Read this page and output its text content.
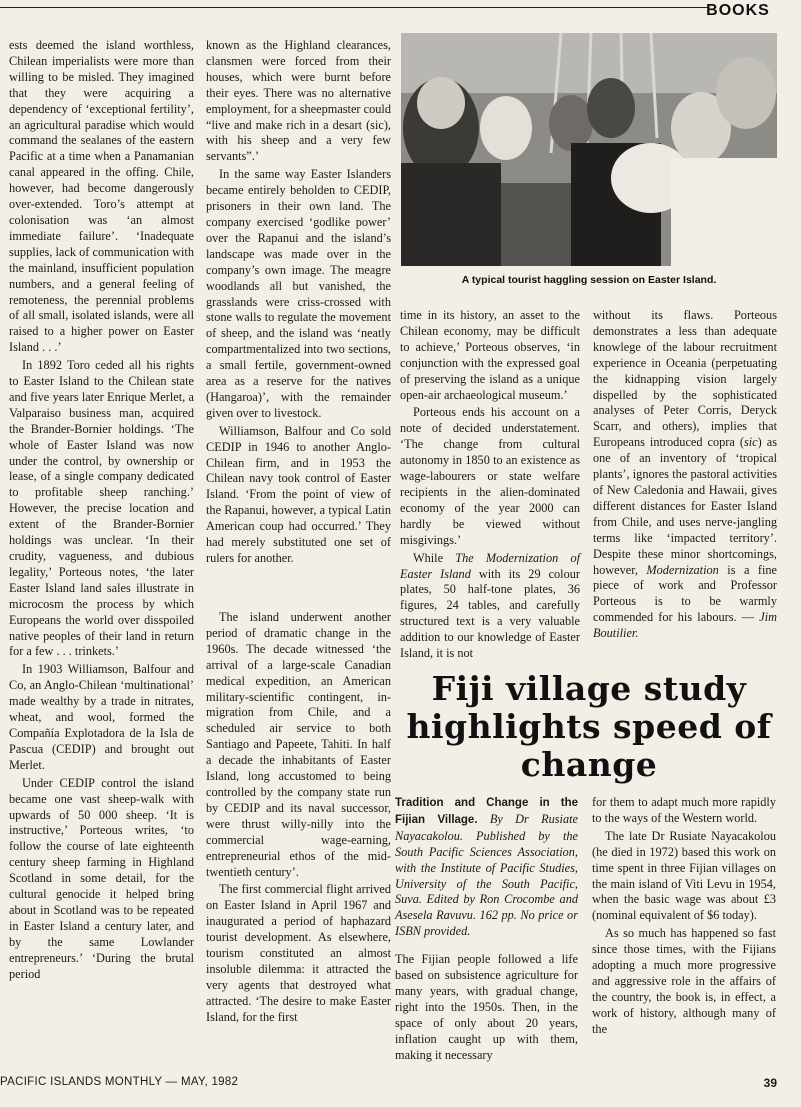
BOOKS

ests deemed the island worthless, Chilean imperialists were more than willing to be misled. They imagined that they were acquiring a dependency of ‘exceptional fertility’, an agricultural paradise which would command the sealanes of the eastern Pacific at a time when a Panamanian canal appeared in the offing. Chile, however, had become dangerously over-extended. Toro’s attempt at colonisation was ‘an almost immediate failure’. ‘Inadequate supplies, lack of communication with the mainland, insufficient population numbers, and a general feeling of remoteness, the perennial problems of all small, isolated islands, were all raised to a higher power on Easter Island . . .’

In 1892 Toro ceded all his rights to Easter Island to the Chilean state and five years later Enrique Merlet, a Valparaiso business man, acquired the Brander-Bornier holdings. ‘The whole of Easter Island was now under the control, by ownership or lease, of a single company dedicated to profitable sheep ranching.’ However, the precise location and extent of the Brander-Bornier holdings was unclear. ‘In their crudity, vagueness, and dubious legality,’ Porteous notes, ‘the later Easter Island land sales illustrate in microcosm the process by which Europeans the world over disspoiled native peoples of their land in return for a few . . . trinkets.’

In 1903 Williamson, Balfour and Co, an Anglo-Chilean ‘multinational’ made wealthy by a trade in nitrates, wheat, and wool, formed the Compañía Explotadora de la Isla de Pascua (CEDIP) and brought out Merlet.

Under CEDIP control the island became one vast sheep-walk with upwards of 50 000 sheep. ‘It is instructive,’ Porteous writes, ‘to follow the course of late eighteenth century sheep farming in Highland Scotland in some detail, for the cultural genocide it helped bring about in Scotland was to be repeated in Easter Island a century later, and by the same Lowlander entrepreneurs.’ ‘During the brutal period

known as the Highland clearances, clansmen were forced from their houses, which were burnt before their eyes. There was no alternative employment, for a sheepmaster could “live and make rich in a desart (sic), with his sheep and a very few servants”.’

In the same way Easter Islanders became entirely beholden to CEDIP, prisoners in their own land. The company exercised ‘godlike power’ over the Rapanui and the island’s landscape was made over in the company’s own image. The meagre woodlands all but vanished, the grasslands were criss-crossed with stone walls to regulate the movement of sheep, and the island was ‘neatly compartmentalized into two sections, a small fertile, government-owned area as a reserve for the natives (Hangaroa)’, with the remainder given over to livestock.

Williamson, Balfour and Co sold CEDIP in 1946 to another Anglo-Chilean firm, and in 1953 the Chilean navy took control of Easter Island. ‘From the point of view of the Rapanui, however, a typical Latin American coup had occurred.’ They had merely substituted one set of rulers for another.

The island underwent another period of dramatic change in the 1960s. The decade witnessed ‘the arrival of a large-scale Canadian medical expedition, an American military-scientific contingent, in-migration from Chile, and a scheduled air service to both Santiago and Papeete, Tahiti. In half a decade the inhabitants of Easter Island, long accustomed to being controlled by the company state run by CEDIP and its naval successor, were thrust willy-nilly into the commercial wage-earning, entrepreneurial ethos of the mid-twentieth century’.

The first commercial flight arrived on Easter Island in April 1967 and inaugurated a period of haphazard tourist development. As elsewhere, tourism constituted an almost insoluble dilemma: it attracted the very agents that destroyed what attracted. ‘The desire to make Easter Island, for the first

A typical tourist haggling session on Easter Island.

time in its history, an asset to the Chilean economy, may be difficult to achieve,’ Porteous observes, ‘in conjunction with the expressed goal of preserving the island as a unique open-air archaeological museum.’

Porteous ends his account on a note of decided understatement. ‘The change from cultural autonomy in 1850 to an existence as wage-labourers or state welfare recipients in the alien-dominated economy of the year 2000 can hardly be viewed without misgivings.’

While The Modernization of Easter Island with its 29 colour plates, 50 half-tone plates, 36 figures, 24 tables, and carefully structured text is a very valuable addition to our knowledge of Easter Island, it is not

without its flaws. Porteous demonstrates a less than adequate knowlege of the labour recruitment experience in Oceania (perpetuating the kidnapping vision largely dispelled by the sophisticated analyses of Peter Corris, Deryck Scarr, and others), implies that Europeans introduced copra (sic) as one of an inventory of ‘tropical plants’, ignores the pastoral activities of New Caledonia and Hawaii, gives different distances for Easter Island from Chile, and uses nerve-jangling terms like ‘impacted territory’. Despite these minor shortcomings, however, Modernization is a fine piece of work and Professor Porteous is to be warmly commended for his labours. — Jim Boutilier.

Fiji village study highlights speed of change

Tradition and Change in the Fijian Village. By Dr Rusiate Nayacakolou. Published by the South Pacific Sciences Association, with the Institute of Pacific Studies, University of the South Pacific, Suva. Edited by Ron Crocombe and Asesela Ravuvu. 162 pp. No price or ISBN provided.

The Fijian people followed a life based on subsistence agriculture for many years, with gradual change, right into the 1950s. Then, in the space of only about 20 years, inflation caught up with them, making it necessary

for them to adapt much more rapidly to the ways of the Western world.

The late Dr Rusiate Nayacakolou (he died in 1972) based this work on time spent in three Fijian villages on the main island of Viti Levu in 1954, when the basic wage was about £3 (nominal equivalent of $6 today).

As so much has happened so fast since those times, with the Fijians adopting a much more progressive and aggressive role in the affairs of the country, the book is, in effect, a work of history, although many of the

PACIFIC ISLANDS MONTHLY — MAY, 1982	39
